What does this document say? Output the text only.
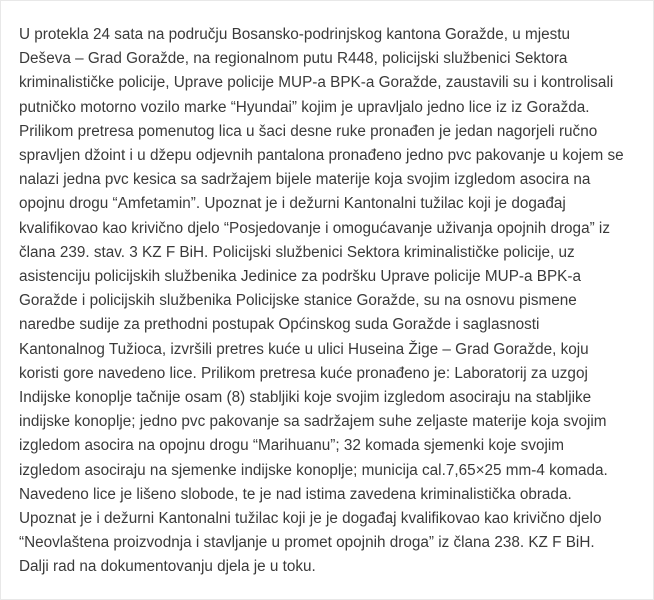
U protekla 24 sata na području Bosansko-podrinjskog kantona Goražde, u mjestu

Deševa – Grad Goražde, na regionalnom putu R448, policijski službenici Sektora

kriminalističke policije, Uprave policije MUP-a BPK-a Goražde, zaustavili su i kontrolisali

putničko motorno vozilo marke “Hyundai” kojim je upravljalo jedno lice iz iz Goražda.

Prilikom pretresa pomenutog lica u šaci desne ruke pronađen je jedan nagorjeli ručno

spravljen džoint i u džepu odjevnih pantalona pronađeno jedno pvc pakovanje u kojem se

nalazi jedna pvc kesica sa sadržajem bijele materije koja svojim izgledom asocira na

opojnu drogu “Amfetamin”. Upoznat je i dežurni Kantonalni tužilac koji je događaj

kvalifikovao kao krivično djelo “Posjedovanje i omogućavanje uživanja opojnih droga” iz

člana 239. stav. 3 KZ F BiH. Policijski službenici Sektora kriminalističke policije, uz

asistenciju policijskih službenika Jedinice za podršku Uprave policije MUP-a BPK-a

Goražde i policijskih službenika Policijske stanice Goražde, su na osnovu pismene

naredbe sudije za prethodni postupak Općinskog suda Goražde i saglasnosti

Kantonalnog Tužioca, izvršili pretres kuće u ulici Huseina Žige – Grad Goražde, koju

koristi gore navedeno lice. Prilikom pretresa kuće pronađeno je: Laboratorij za uzgoj

Indijske konoplje tačnije osam (8) stabljiki koje svojim izgledom asociraju na stabljike

indijske konoplje; jedno pvc pakovanje sa sadržajem suhe zeljaste materije koja svojim

izgledom asocira na opojnu drogu “Marihuanu”; 32 komada sjemenki koje svojim

izgledom asociraju na sjemenke indijske konoplje; municija cal.7,65×25 mm-4 komada.

Navedeno lice je lišeno slobode, te je nad istima zavedena kriminalistička obrada.

Upoznat je i dežurni Kantonalni tužilac koji je je događaj kvalifikovao kao krivično djelo

“Neovlaštena proizvodnja i stavljanje u promet opojnih droga” iz člana 238. KZ F BiH.

Dalji rad na dokumentovanju djela je u toku.
